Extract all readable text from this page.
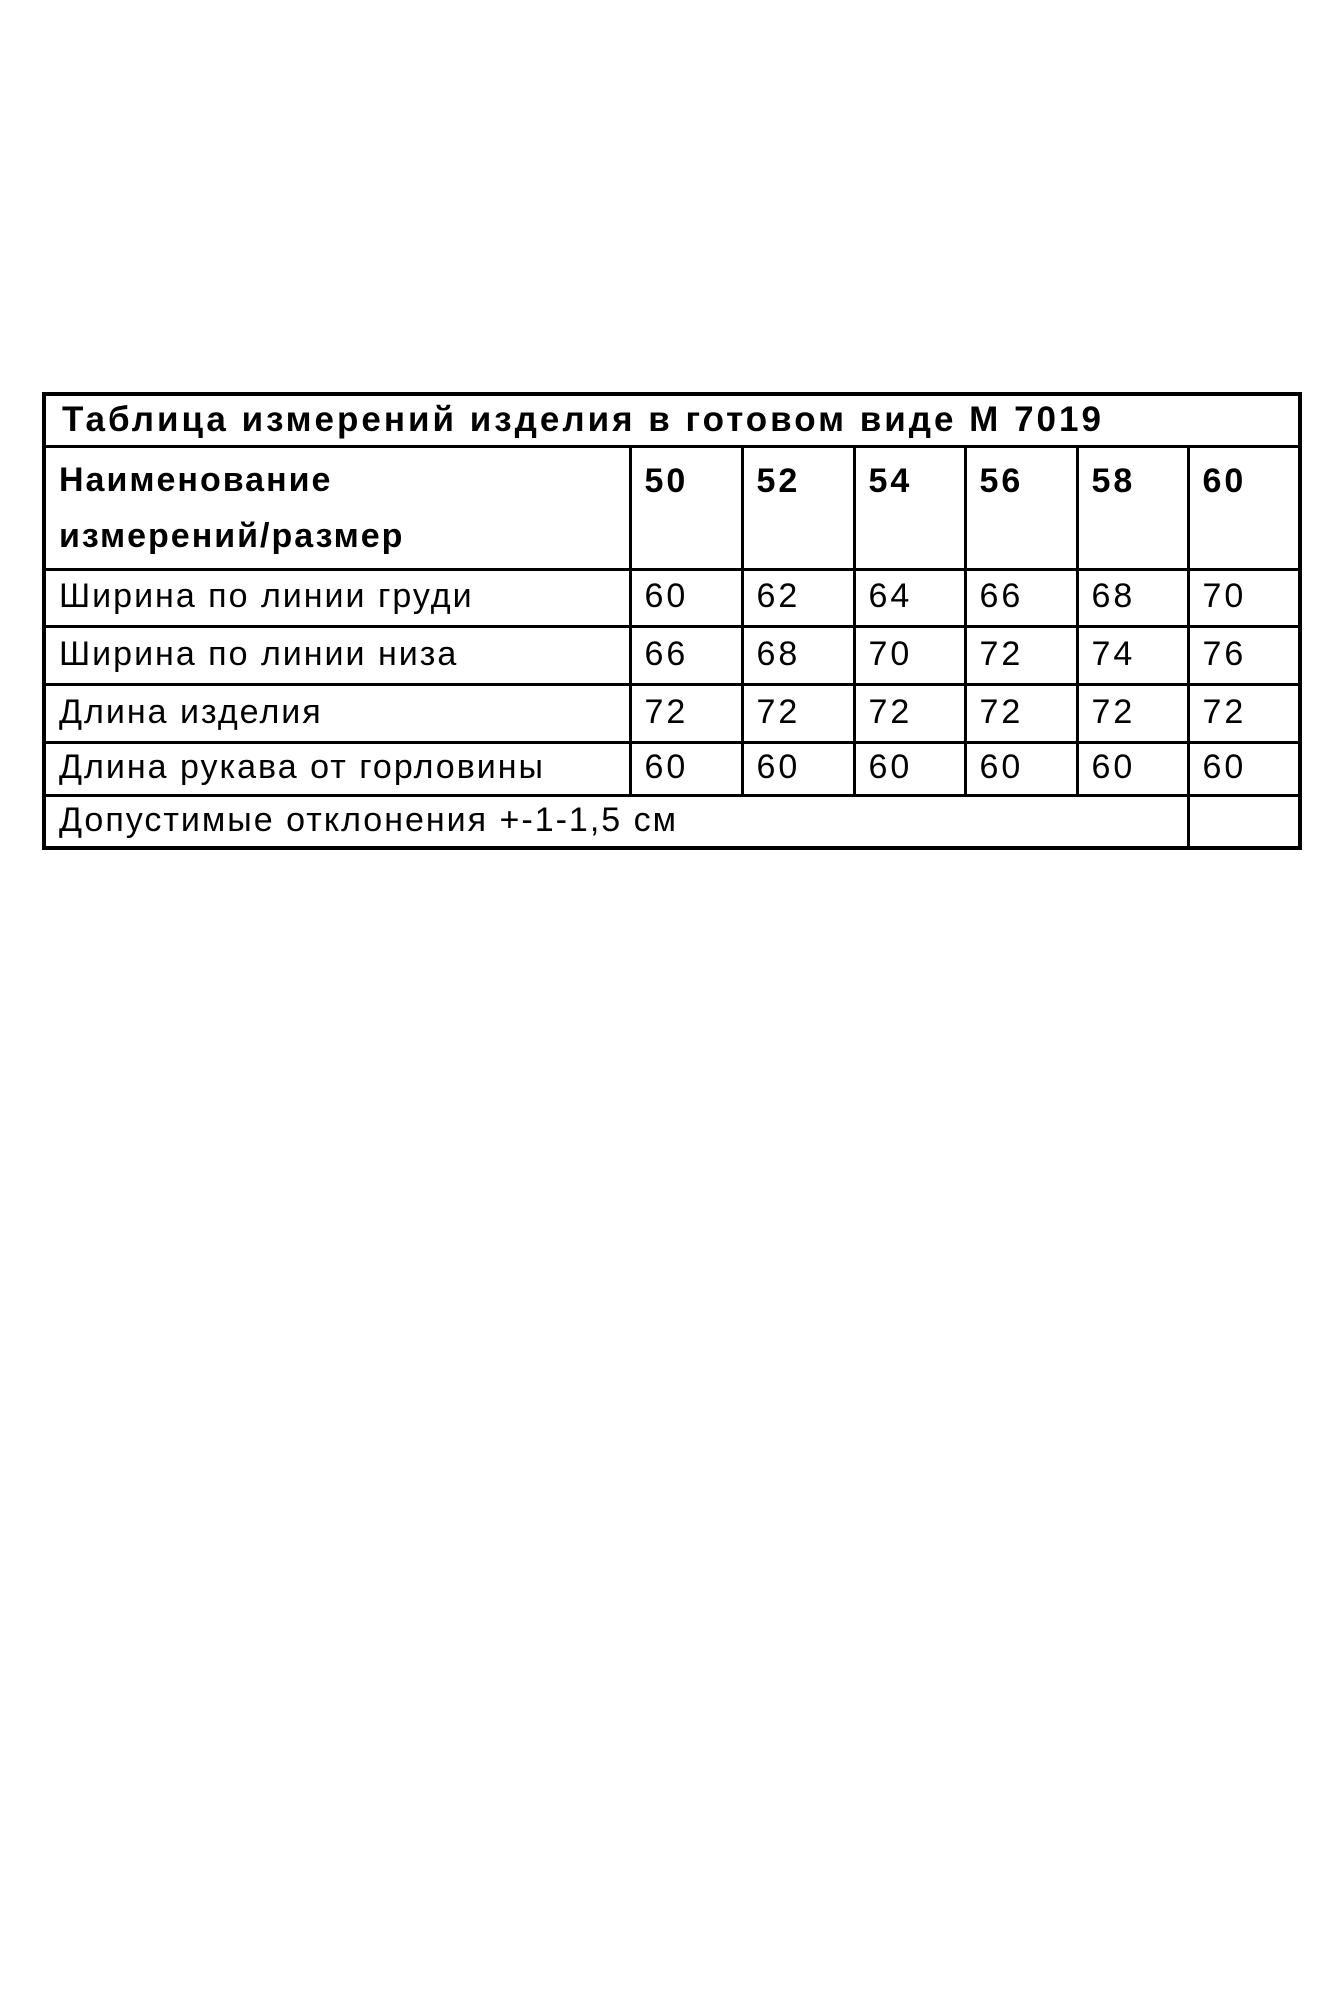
Таблица измерений изделия в готовом виде М 7019						

Наименование
измерений/размер	50	52	54	56	58	60
Ширина по линии груди	60	62	64	66	68	70
Ширина по линии низа	66	68	70	72	74	76
Длина изделия	72	72	72	72	72	72
Длина рукава от горловины	60	60	60	60	60	60
Допустимые отклонения +-1-1,5 см						
